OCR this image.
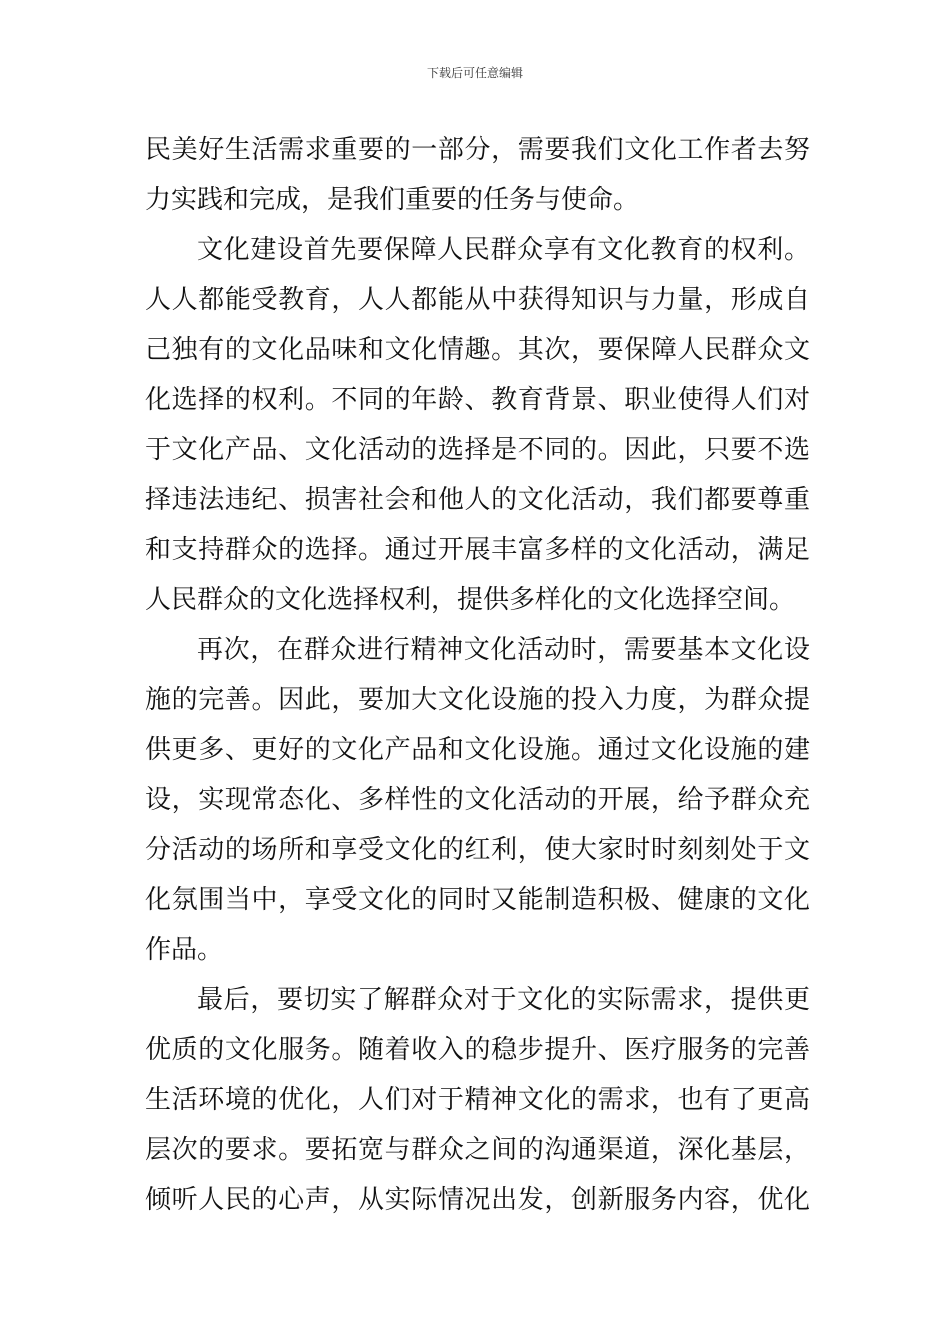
下载后可任意编辑
民美好生活需求重要的一部分，需要我们文化工作者去努
力实践和完成，是我们重要的任务与使命。
文化建设首先要保障人民群众享有文化教育的权利。
人人都能受教育，人人都能从中获得知识与力量，形成自
己独有的文化品味和文化情趣。其次，要保障人民群众文
化选择的权利。不同的年龄、教育背景、职业使得人们对
于文化产品、文化活动的选择是不同的。因此，只要不选
择违法违纪、损害社会和他人的文化活动，我们都要尊重
和支持群众的选择。通过开展丰富多样的文化活动，满足
人民群众的文化选择权利，提供多样化的文化选择空间。
再次，在群众进行精神文化活动时，需要基本文化设
施的完善。因此，要加大文化设施的投入力度，为群众提
供更多、更好的文化产品和文化设施。通过文化设施的建
设，实现常态化、多样性的文化活动的开展，给予群众充
分活动的场所和享受文化的红利，使大家时时刻刻处于文
化氛围当中，享受文化的同时又能制造积极、健康的文化
作品。
最后，要切实了解群众对于文化的实际需求，提供更
优质的文化服务。随着收入的稳步提升、医疗服务的完善
生活环境的优化，人们对于精神文化的需求，也有了更高
层次的要求。要拓宽与群众之间的沟通渠道，深化基层，
倾听人民的心声，从实际情况出发，创新服务内容，优化
